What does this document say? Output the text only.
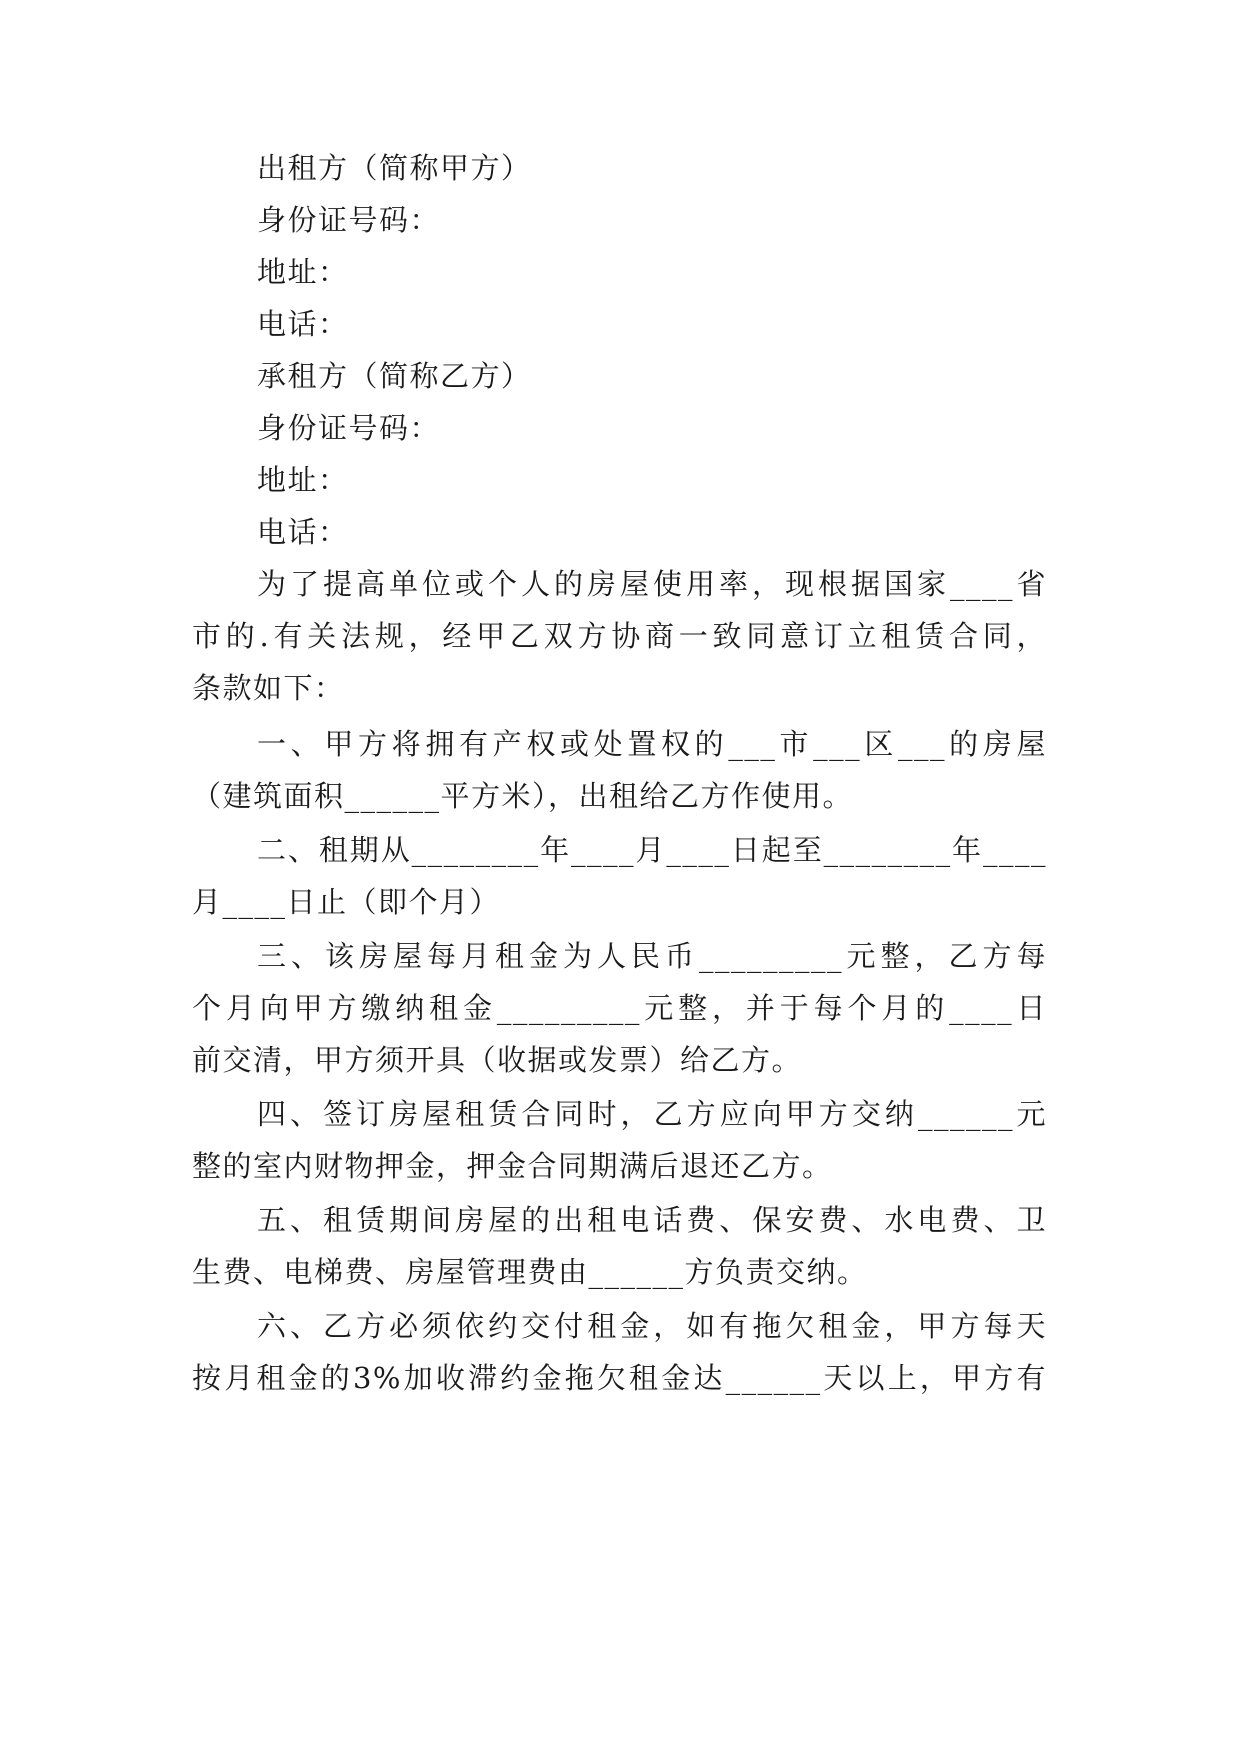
出租方（简称甲方）

身份证号码：

地址：

电话：

承租方（简称乙方）

身份证号码：

地址：

电话：

为了提高单位或个人的房屋使用率，现根据国家____省

市的.有关法规，经甲乙双方协商一致同意订立租赁合同，

条款如下：

一、甲方将拥有产权或处置权的___市___区___的房屋

（建筑面积______平方米），出租给乙方作使用。

二、租期从________年____月____日起至________年____

月____日止（即个月）

三、该房屋每月租金为人民币_________元整，乙方每

个月向甲方缴纳租金_________元整，并于每个月的____日

前交清，甲方须开具（收据或发票）给乙方。

四、签订房屋租赁合同时，乙方应向甲方交纳______元

整的室内财物押金，押金合同期满后退还乙方。

五、租赁期间房屋的出租电话费、保安费、水电费、卫

生费、电梯费、房屋管理费由______方负责交纳。

六、乙方必须依约交付租金，如有拖欠租金，甲方每天

按月租金的3%加收滞约金拖欠租金达______天以上，甲方有
